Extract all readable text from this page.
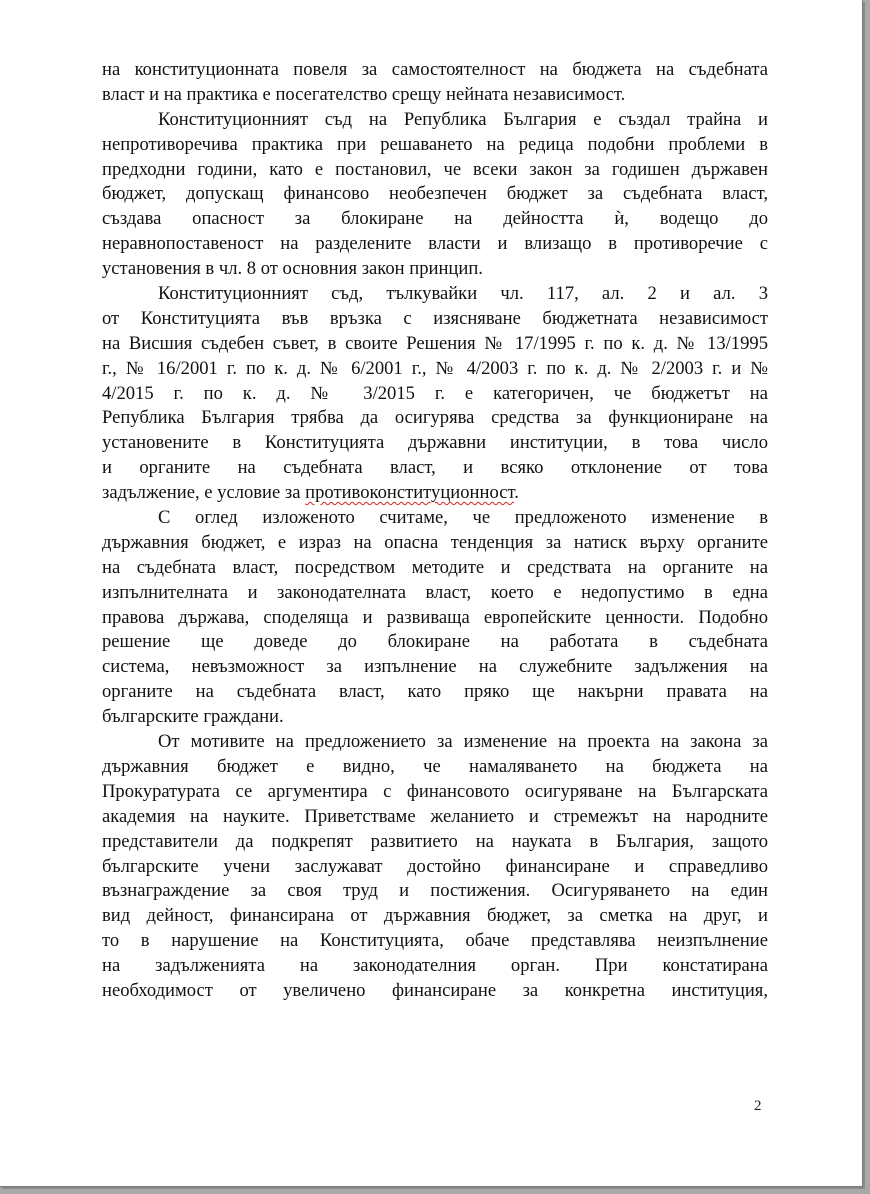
на конституционната повеля за самостоятелност на бюджета на съдебната
власт и на практика е посегателство срещу нейната независимост.
Конституционният съд на Република България е създал трайна и
непротиворечива практика при решаването на редица подобни проблеми в
предходни години, като е постановил, че всеки закон за годишен държавен
бюджет, допускащ финансово необезпечен бюджет за съдебната власт,
създава опасност за блокиране на дейността ѝ, водещо до
неравнопоставеност на разделените власти и влизащо в противоречие с
установения в чл. 8 от основния закон принцип.
Конституционният съд, тълкувайки чл. 117, ал. 2 и ал. 3
от Конституцията във връзка с изясняване бюджетната независимост
на Висшия съдебен съвет, в своите Решения № 17/1995 г. по к. д. № 13/1995
г., № 16/2001 г. по к. д. № 6/2001 г., № 4/2003 г. по к. д. № 2/2003 г. и №
4/2015 г. по к. д. № 3/2015 г. е категоричен, че бюджетът на
Република България трябва да осигурява средства за функциониране на
установените в Конституцията държавни институции, в това число
и органите на съдебната власт, и всяко отклонение от това
задължение, е условие за противоконституционност.
С оглед изложеното считаме, че предложеното изменение в
държавния бюджет, е израз на опасна тенденция за натиск върху органите
на съдебната власт, посредством методите и средствата на органите на
изпълнителната и законодателната власт, което е недопустимо в една
правова държава, споделяща и развиваща европейските ценности. Подобно
решение ще доведе до блокиране на работата в съдебната
система, невъзможност за изпълнение на служебните задължения на
органите на съдебната власт, като пряко ще накърни правата на
българските граждани.
От мотивите на предложението за изменение на проекта на закона за
държавния бюджет е видно, че намаляването на бюджета на
Прокуратурата се аргументира с финансовото осигуряване на Българската
академия на науките. Приветстваме желанието и стремежът на народните
представители да подкрепят развитието на науката в България, защото
българските учени заслужават достойно финансиране и справедливо
възнаграждение за своя труд и постижения. Осигуряването на един
вид дейност, финансирана от държавния бюджет, за сметка на друг, и
то в нарушение на Конституцията, обаче представлява неизпълнение
на задълженията на законодателния орган. При констатирана
необходимост от увеличено финансиране за конкретна институция,
2
